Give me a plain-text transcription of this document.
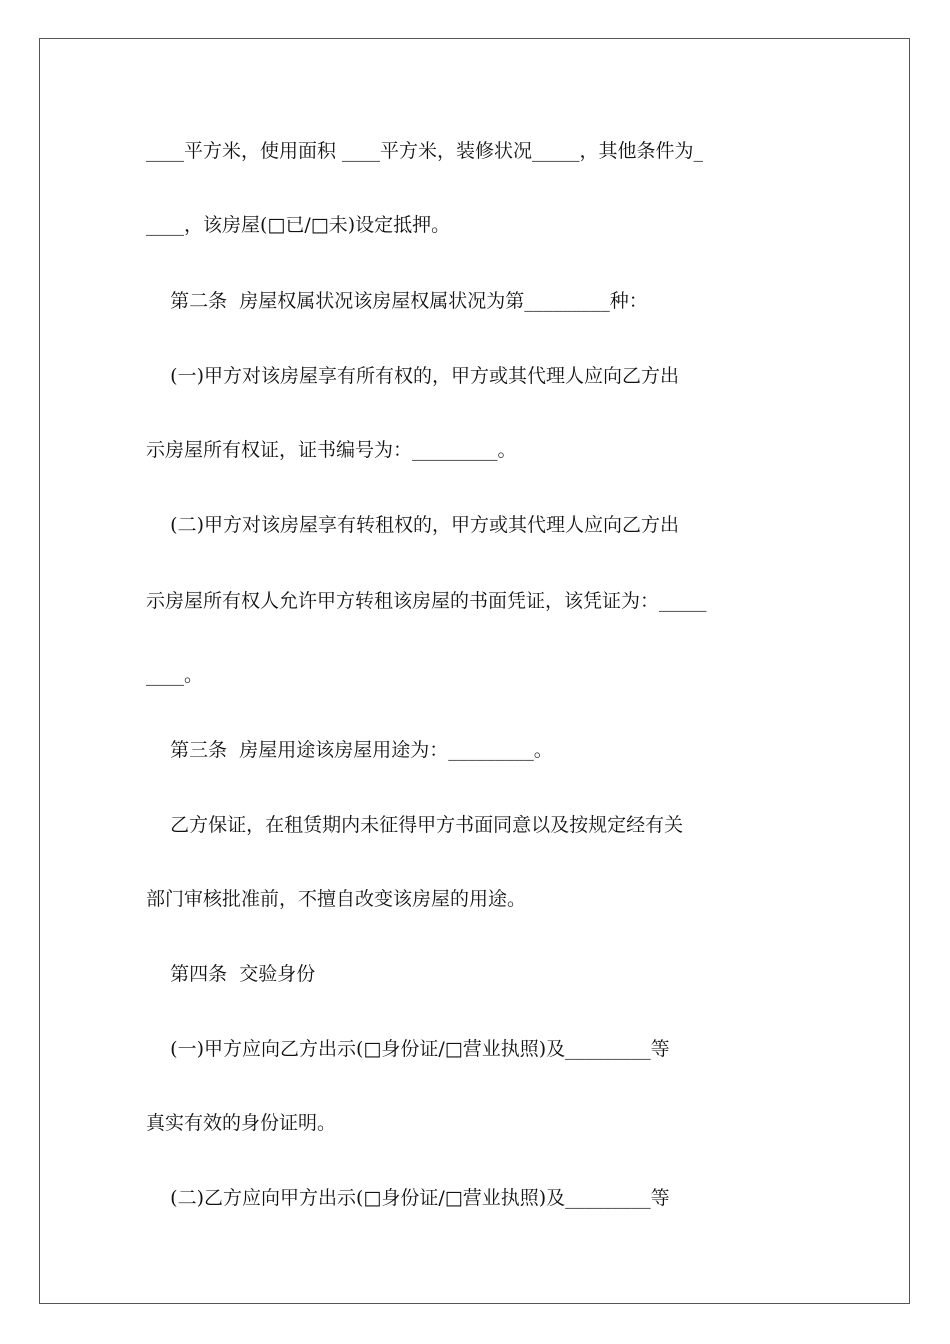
____平方米，使用面积 ____平方米，装修状况_____，其他条件为_
____，该房屋(□已/□未)设定抵押。
第二条  房屋权属状况该房屋权属状况为第_________种：
(一)甲方对该房屋享有所有权的，甲方或其代理人应向乙方出
示房屋所有权证，证书编号为：_________。
(二)甲方对该房屋享有转租权的，甲方或其代理人应向乙方出
示房屋所有权人允许甲方转租该房屋的书面凭证，该凭证为：_____
____。
第三条  房屋用途该房屋用途为：_________。
乙方保证，在租赁期内未征得甲方书面同意以及按规定经有关
部门审核批准前，不擅自改变该房屋的用途。
第四条  交验身份
(一)甲方应向乙方出示(□身份证/□营业执照)及_________等
真实有效的身份证明。
(二)乙方应向甲方出示(□身份证/□营业执照)及_________等
